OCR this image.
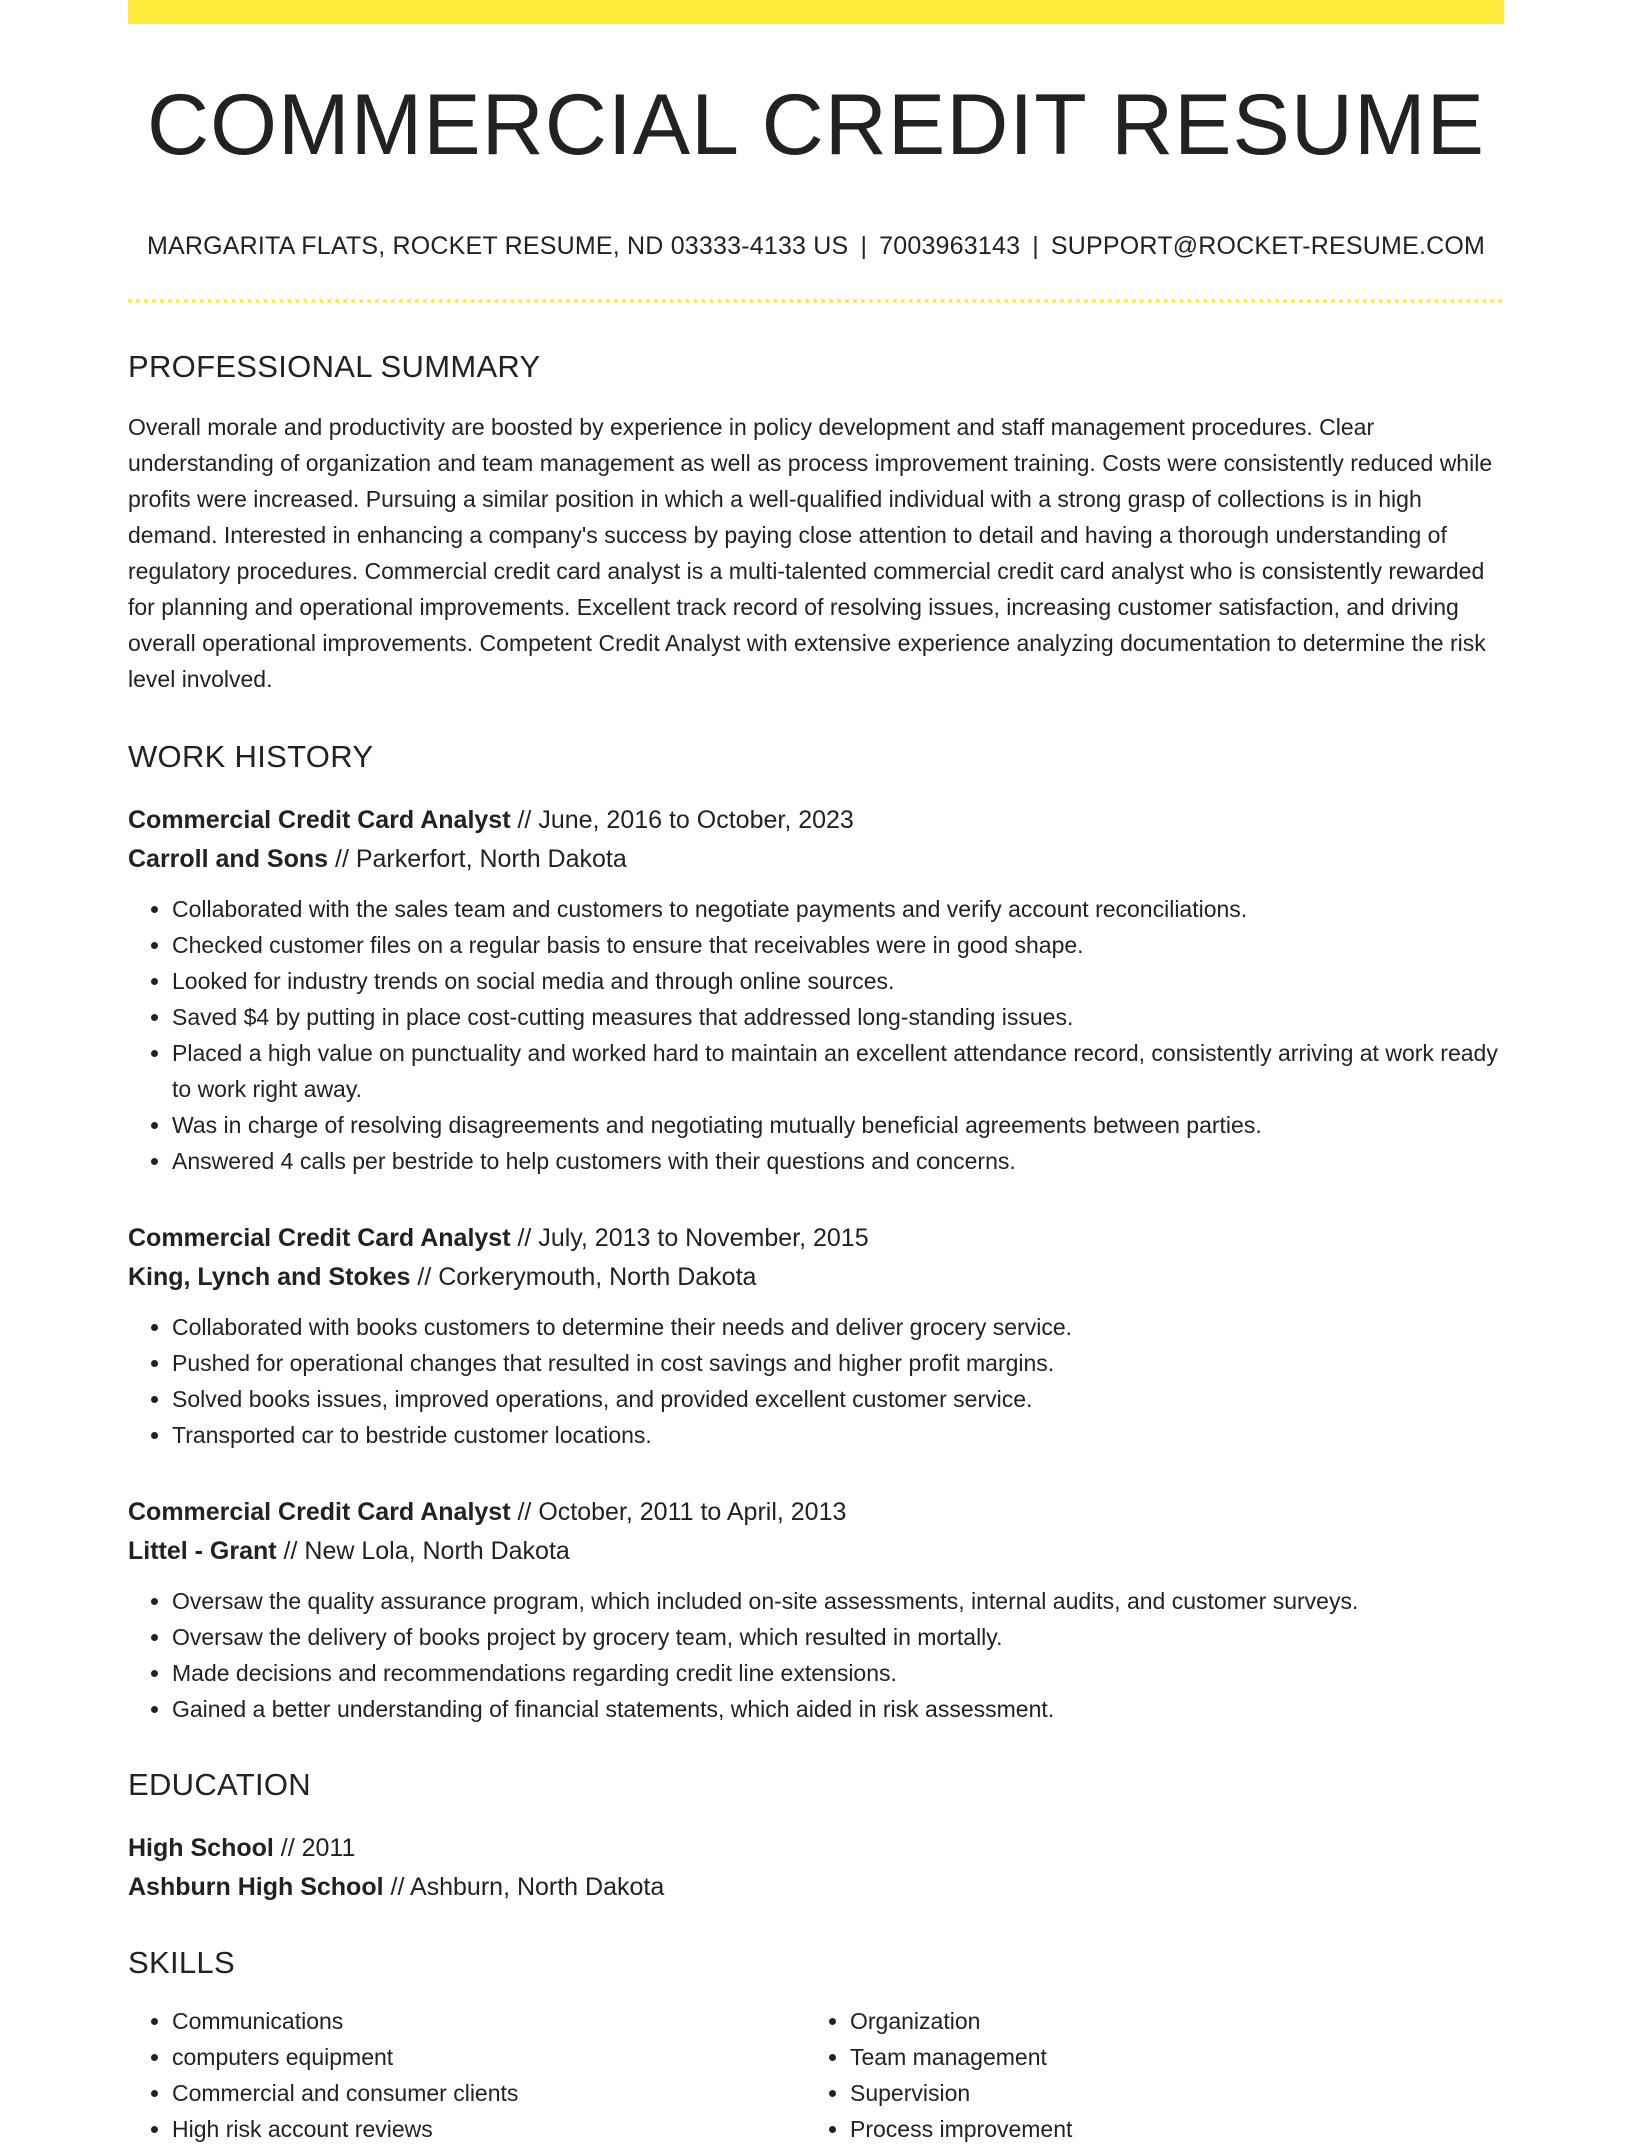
COMMERCIAL CREDIT RESUME
MARGARITA FLATS, ROCKET RESUME, ND 03333-4133 US | 7003963143 | SUPPORT@ROCKET-RESUME.COM
PROFESSIONAL SUMMARY
Overall morale and productivity are boosted by experience in policy development and staff management procedures. Clear understanding of organization and team management as well as process improvement training. Costs were consistently reduced while profits were increased. Pursuing a similar position in which a well-qualified individual with a strong grasp of collections is in high demand. Interested in enhancing a company's success by paying close attention to detail and having a thorough understanding of regulatory procedures. Commercial credit card analyst is a multi-talented commercial credit card analyst who is consistently rewarded for planning and operational improvements. Excellent track record of resolving issues, increasing customer satisfaction, and driving overall operational improvements. Competent Credit Analyst with extensive experience analyzing documentation to determine the risk level involved.
WORK HISTORY
Commercial Credit Card Analyst // June, 2016 to October, 2023
Carroll and Sons // Parkerfort, North Dakota
• Collaborated with the sales team and customers to negotiate payments and verify account reconciliations.
• Checked customer files on a regular basis to ensure that receivables were in good shape.
• Looked for industry trends on social media and through online sources.
• Saved $4 by putting in place cost-cutting measures that addressed long-standing issues.
• Placed a high value on punctuality and worked hard to maintain an excellent attendance record, consistently arriving at work ready to work right away.
• Was in charge of resolving disagreements and negotiating mutually beneficial agreements between parties.
• Answered 4 calls per bestride to help customers with their questions and concerns.
Commercial Credit Card Analyst // July, 2013 to November, 2015
King, Lynch and Stokes // Corkerymouth, North Dakota
• Collaborated with books customers to determine their needs and deliver grocery service.
• Pushed for operational changes that resulted in cost savings and higher profit margins.
• Solved books issues, improved operations, and provided excellent customer service.
• Transported car to bestride customer locations.
Commercial Credit Card Analyst // October, 2011 to April, 2013
Littel - Grant // New Lola, North Dakota
• Oversaw the quality assurance program, which included on-site assessments, internal audits, and customer surveys.
• Oversaw the delivery of books project by grocery team, which resulted in mortally.
• Made decisions and recommendations regarding credit line extensions.
• Gained a better understanding of financial statements, which aided in risk assessment.
EDUCATION
High School // 2011
Ashburn High School // Ashburn, North Dakota
SKILLS
• Communications
• computers equipment
• Commercial and consumer clients
• High risk account reviews
• Organization
• Team management
• Supervision
• Process improvement
